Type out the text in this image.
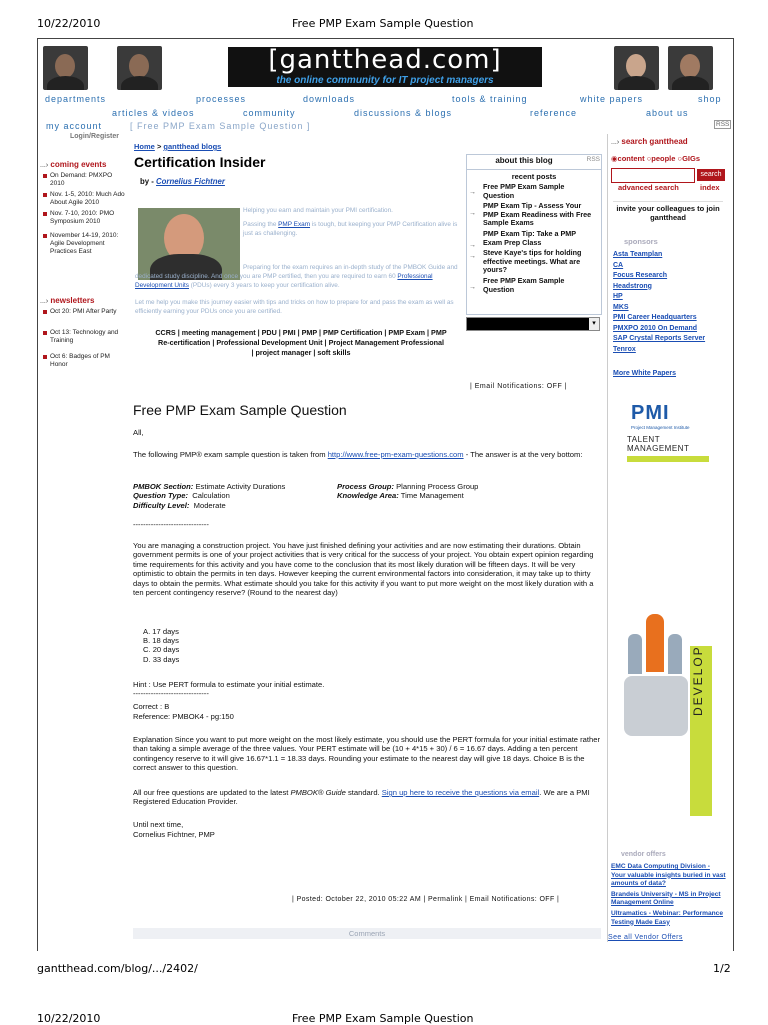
10/22/2010	Free PMP Exam Sample Question
[gantthead.com]
the online community for IT project managers
departments	processes	downloads	tools & training	white papers	shop
articles & videos	community	discussions & blogs	reference	about us
my account	[ Free PMP Exam Sample Question ]
Login/Register
RSS
...› coming events
On Demand: PMXPO 2010
Nov. 1-5, 2010: Much Ado About Agile 2010
Nov. 7-10, 2010: PMO Symposium 2010
November 14-19, 2010: Agile Development Practices East
...› newsletters
Oct 20: PMI After Party
Oct 13: Technology and Training
Oct 6: Badges of PM Honor
Home > gantthead blogs
Certification Insider
by - Cornelius Fichtner
Helping you earn and maintain your PMI certification.
Passing the PMP Exam is tough, but keeping your PMP Certification alive is just as challenging.
Preparing for the exam requires an in-depth study of the PMBOK Guide and dedicated study discipline. And once you are PMP certified, then you are required to earn 60 Professional Development Units (PDUs) every 3 years to keep your certification alive.
Let me help you make this journey easier with tips and tricks on how to prepare for and pass the exam as well as efficiently earning your PDUs once you are certified.
CCRS | meeting management | PDU | PMI | PMP | PMP Certification | PMP Exam | PMP
Re-certification | Professional Development Unit | Project Management Professional
| project manager | soft skills
about this blog	RSS
recent posts
Free PMP Exam Sample Question
PMP Exam Tip - Assess Your PMP Exam Readiness with Free Sample Exams
PMP Exam Tip: Take a PMP Exam Prep Class
Steve Kaye's tips for holding effective meetings. What are yours?
Free PMP Exam Sample Question
→

→

→
→

→
▾
| Email Notifications: OFF |
Free PMP Exam Sample Question
All,
The following PMP® exam sample question is taken from http://www.free-pm-exam-questions.com - The answer is at the very bottom:
PMBOK Section: Estimate Activity Durations
Question Type: Calculation
Difficulty Level: Moderate
Process Group: Planning Process Group
Knowledge Area: Time Management
------------------------------
You are managing a construction project. You have just finished defining your activities and are now estimating their durations. Obtain government permits is one of your project activities that is very critical for the success of your project. You obtain expert opinion regarding time requirements for this activity and you have come to the conclusion that its most likely duration will be fifteen days. It will be very optimistic to obtain the permits in ten days. However keeping the current environmental factors into consideration, it may take up to thirty days to obtain the permits. What estimate should you take for this activity if you want to put more weight on the most likely duration with a ten percent contingency reserve? (Round to the nearest day)
A. 17 days
B. 18 days
C. 20 days
D. 33 days
Hint : Use PERT formula to estimate your initial estimate.
------------------------------
Correct : B
Reference: PMBOK4 - pg:150
Explanation Since you want to put more weight on the most likely estimate, you should use the PERT formula for your initial estimate rather than taking a simple average of the three values. Your PERT estimate will be (10 + 4*15 + 30) / 6 = 16.67 days. Adding a ten percent contingency reserve to it will give 16.67*1.1 = 18.33 days. Rounding your estimate to the nearest day will give 18 days. Choice B is the correct answer to this question.
All our free questions are updated to the latest PMBOK® Guide standard. Sign up here to receive the questions via email. We are a PMI Registered Education Provider.
Until next time,
Cornelius Fichtner, PMP
| Posted: October 22, 2010 05:22 AM | Permalink | Email Notifications: OFF |
Comments
...› search gantthead
◉content ○people ○GIGs
search
advanced search	index
invite your colleagues to join gantthead
sponsors
Asta Teamplan
CA
Focus Research
Headstrong
HP
MKS
PMI Career Headquarters
PMXPO 2010 On Demand
SAP Crystal Reports Server
Tenrox
More White Papers
PMI
Project Management Institute
TALENT
MANAGEMENT
vendor offers
EMC Data Computing Division - Your valuable insights buried in vast amounts of data?
Brandeis University - MS in Project Management Online
Ultramatics - Webinar: Performance Testing Made Easy
See all Vendor Offers
gantthead.com/blog/.../2402/	1/2
10/22/2010	Free PMP Exam Sample Question
